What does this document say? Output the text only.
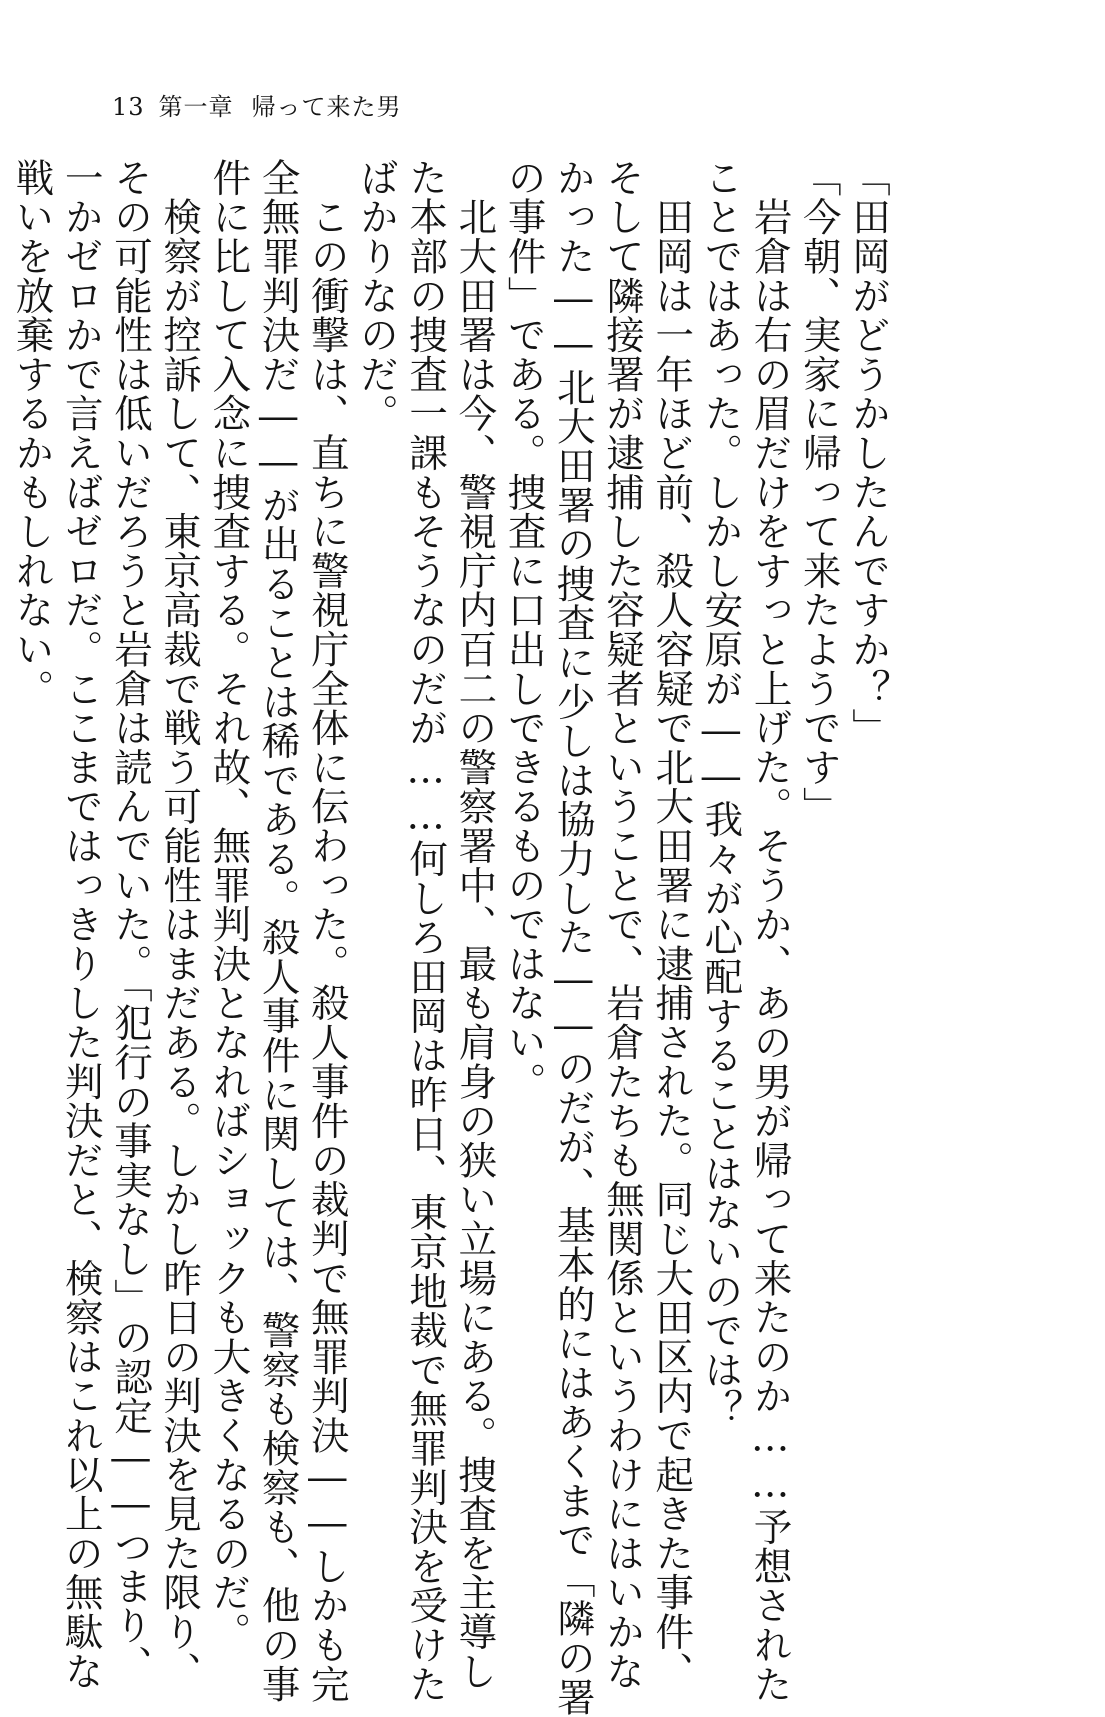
13 第一章 帰って来た男

「田岡がどうかしたんですか？」

「今朝、実家に帰って来たようです」

　岩倉は右の眉だけをすっと上げた。そうか、あの男が帰って来たのか……予想された

ことではあった。しかし安原が――我々が心配することはないのでは？

　田岡は一年ほど前、殺人容疑で北大田署に逮捕された。同じ大田区内で起きた事件、

そして隣接署が逮捕した容疑者ということで、岩倉たちも無関係というわけにはいかな

かった――北大田署の捜査に少しは協力した――のだが、基本的にはあくまで「隣の署

の事件」である。捜査に口出しできるものではない。

　北大田署は今、警視庁内百二の警察署中、最も肩身の狭い立場にある。捜査を主導し

た本部の捜査一課もそうなのだが……何しろ田岡は昨日、東京地裁で無罪判決を受けた

ばかりなのだ。

　この衝撃は、直ちに警視庁全体に伝わった。殺人事件の裁判で無罪判決――しかも完

全無罪判決だ――が出ることは稀である。殺人事件に関しては、警察も検察も、他の事

件に比して入念に捜査する。それ故、無罪判決となればショックも大きくなるのだ。

　検察が控訴して、東京高裁で戦う可能性はまだある。しかし昨日の判決を見た限り、

その可能性は低いだろうと岩倉は読んでいた。「犯行の事実なし」の認定――つまり、

一かゼロかで言えばゼロだ。ここまではっきりした判決だと、検察はこれ以上の無駄な

戦いを放棄するかもしれない。
